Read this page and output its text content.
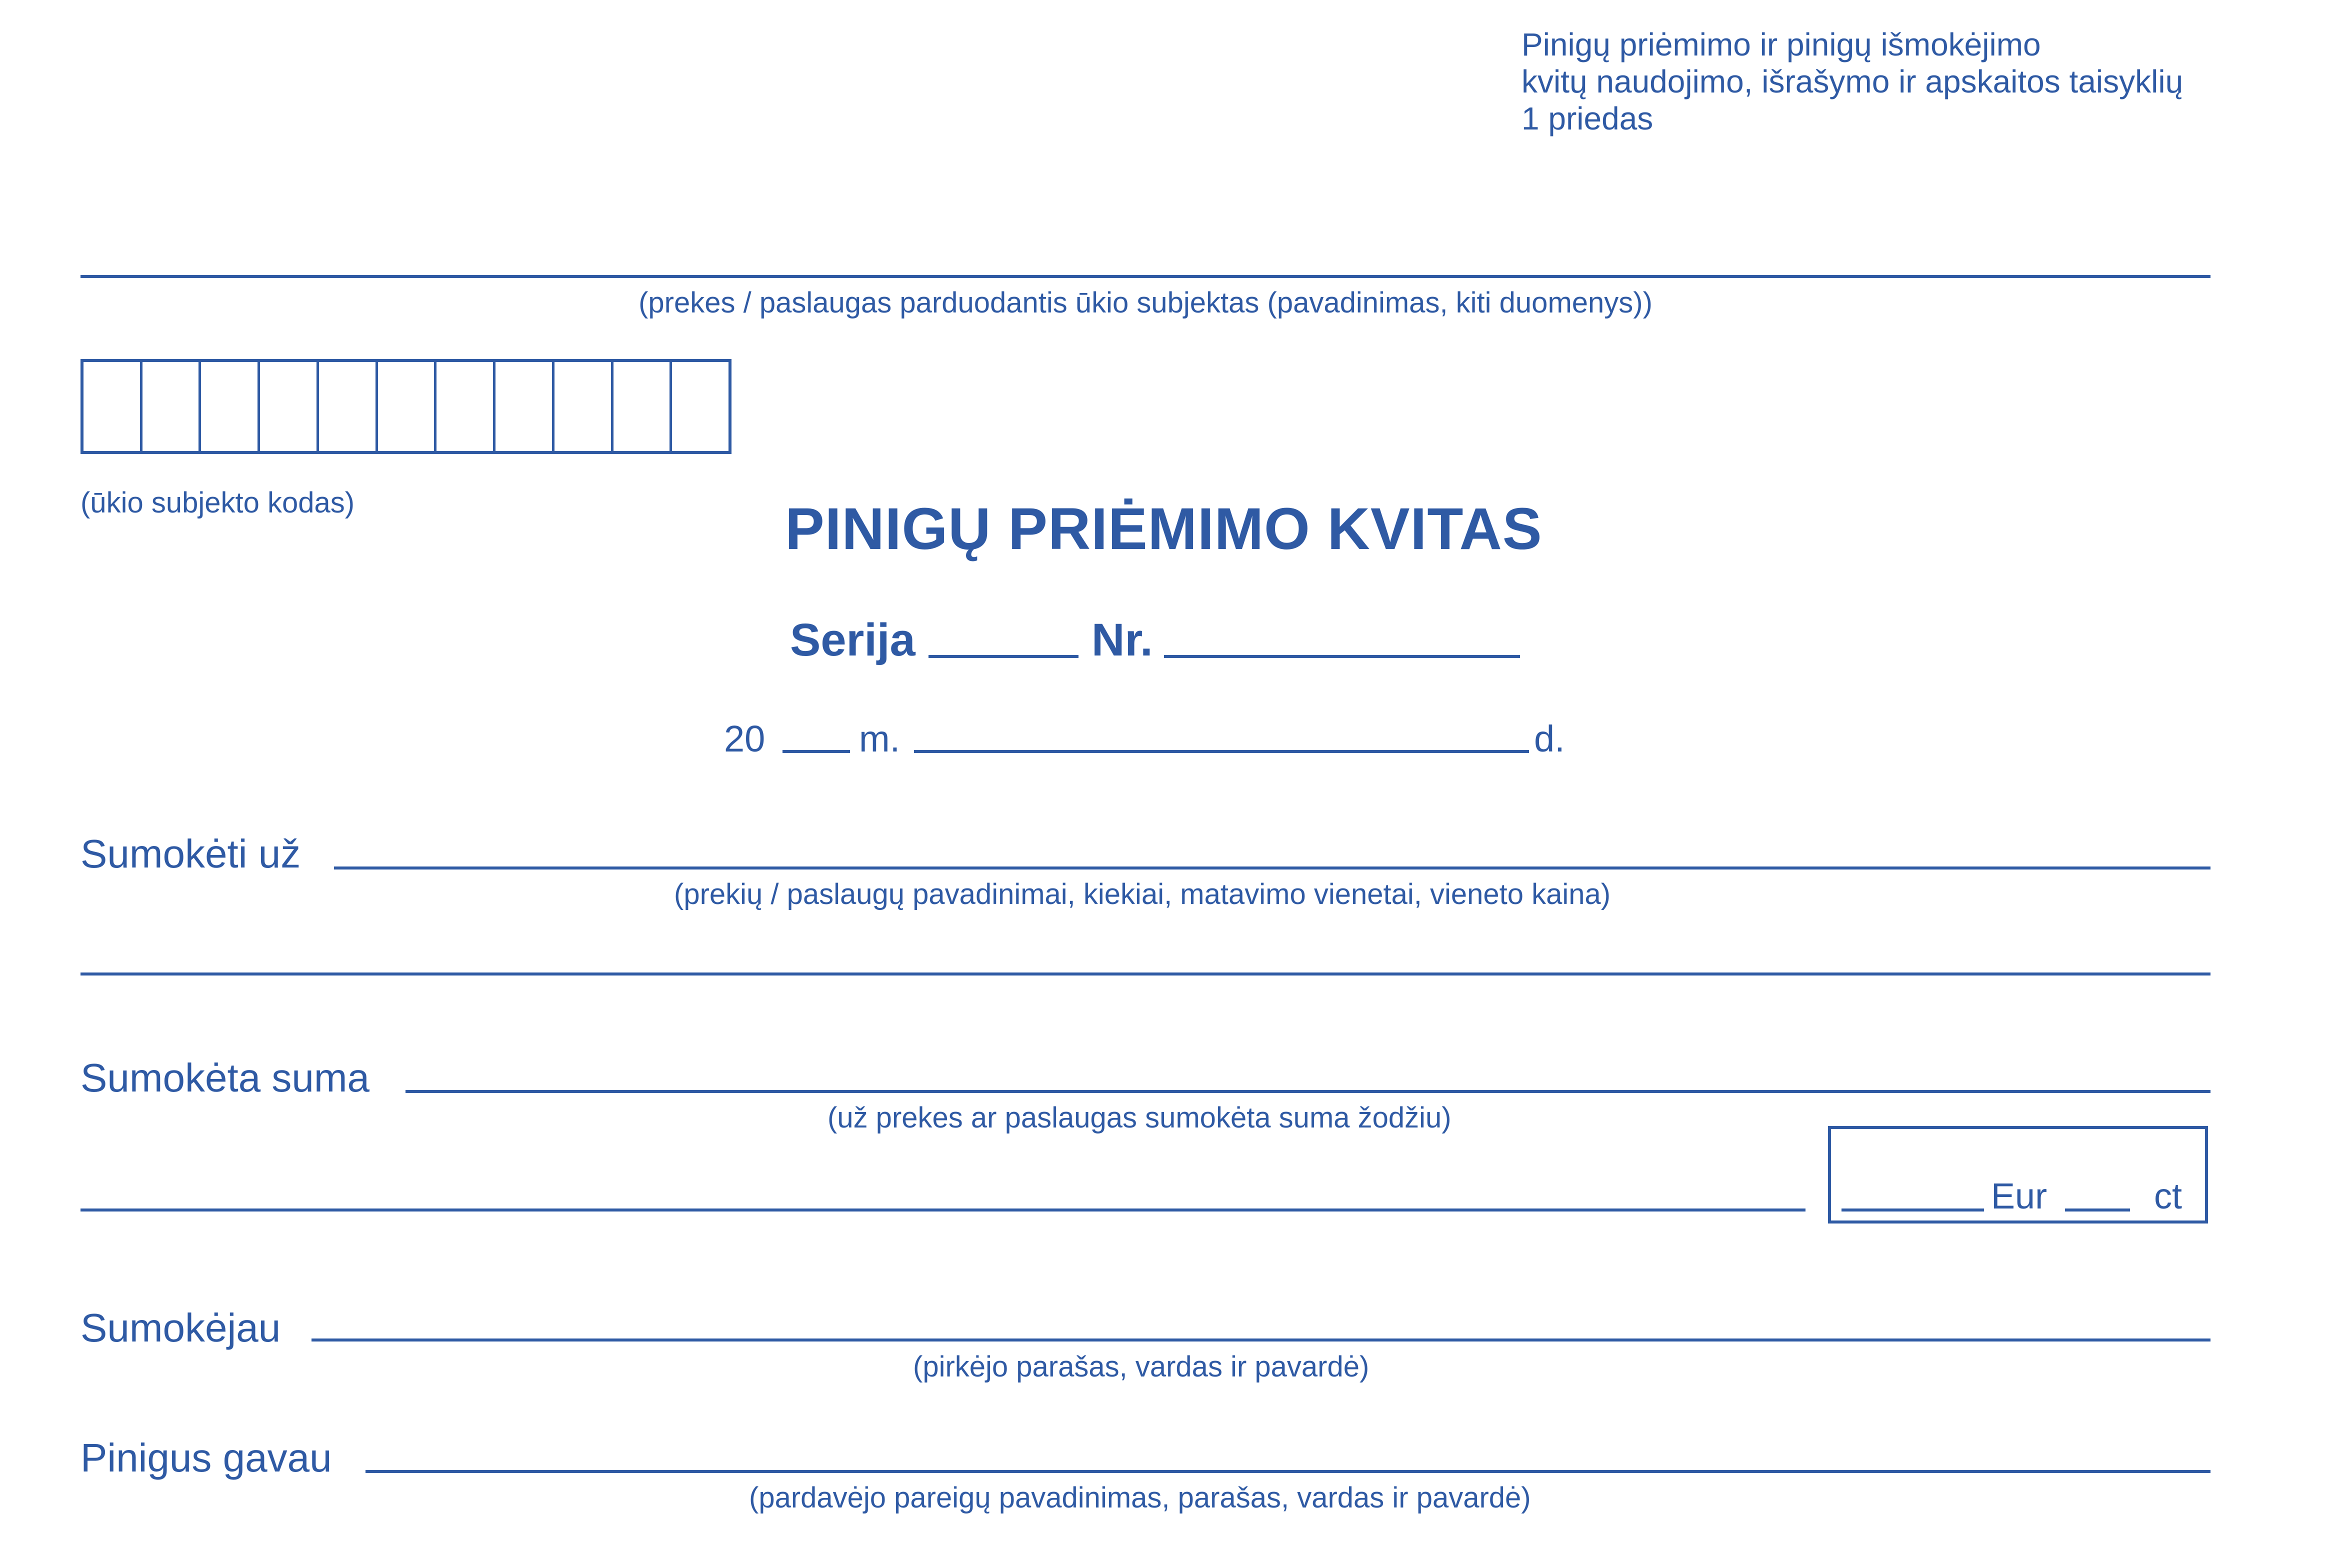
Pinigų priėmimo ir pinigų išmokėjimo
kvitų naudojimo, išrašymo ir apskaitos taisyklių
1 priedas
(prekes / paslaugas parduodantis ūkio subjektas (pavadinimas, kiti duomenys))
(ūkio subjekto kodas)	PINIGŲ PRIĖMIMO KVITAS
Serija	Nr.
20	m.	d.
Sumokėti už
(prekių / paslaugų pavadinimai, kiekiai, matavimo vienetai, vieneto kaina)
Sumokėta suma
(už prekes ar paslaugas sumokėta suma žodžiu)
Eur	ct
Sumokėjau
(pirkėjo parašas, vardas ir pavardė)
Pinigus gavau
(pardavėjo pareigų pavadinimas, parašas, vardas ir pavardė)
